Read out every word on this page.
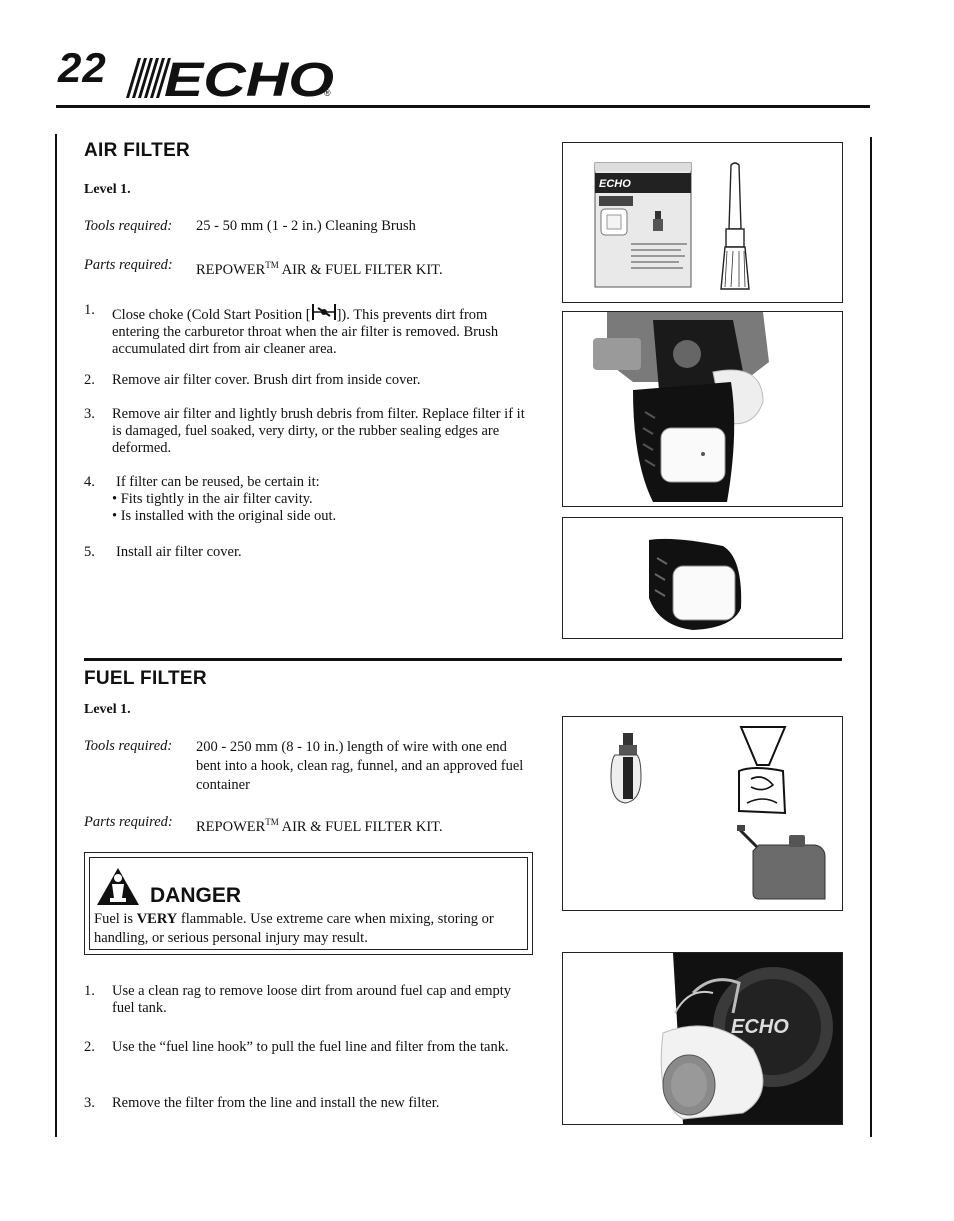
22 ECHO
®
AIR FILTER
Level 1.
Tools required: 25 - 50 mm (1 - 2 in.) Cleaning Brush
Parts required: REPOWER™ AIR & FUEL FILTER KIT.
1.	Close choke (Cold Start Position [ ]). This prevents dirt from
entering the carburetor throat when the air filter is removed. Brush accumulated dirt from air cleaner area.
2.	Remove air filter cover. Brush dirt from inside cover.
3.	Remove air filter and lightly brush debris from filter. Replace filter if it is damaged, fuel soaked, very dirty, or the rubber sealing edges are deformed.
4.	If filter can be reused, be certain it:
• Fits tightly in the air filter cavity.
• Is installed with the original side out.
5.	Install air filter cover.
ECHO
FUEL FILTER
Level 1.
Tools required: 200 - 250 mm (8 - 10 in.) length of wire with one end bent into a hook, clean rag, funnel, and an approved fuel container
Parts required: REPOWER™ AIR & FUEL FILTER KIT.
DANGER
Fuel is VERY flammable. Use extreme care when mixing, storing or handling, or serious personal injury may result.
1.	Use a clean rag to remove loose dirt from around fuel cap and empty fuel tank.
2.	Use the “fuel line hook” to pull the fuel line and filter from the tank.
3.	Remove the filter from the line and install the new filter.
ECHO
